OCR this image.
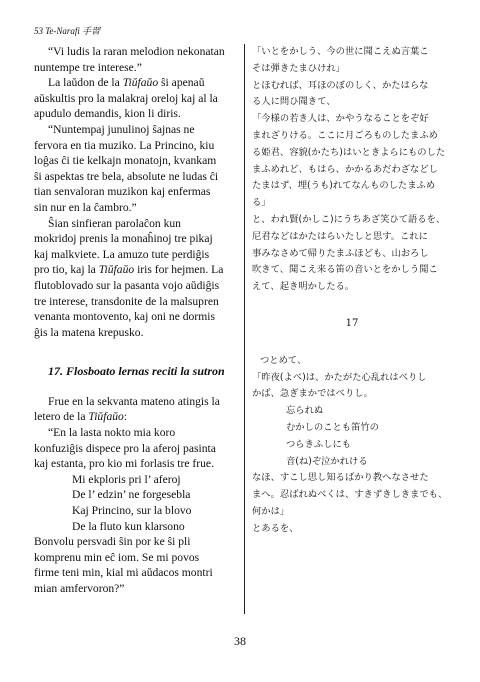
53 Te-Narafi 手習
“Vi ludis la raran melodion nekonatan
nuntempe tre interese.”
La laŭdon de la Tiŭfaŭo ŝi apenaŭ
aŭskultis pro la malakraj oreloj kaj al la
apudulo demandis, kion li diris.
“Nuntempaj junulinoj ŝajnas ne
fervora en tia muziko. La Princino, kiu
loĝas ĉi tie kelkajn monatojn, kvankam
ŝi aspektas tre bela, absolute ne ludas ĉi
tian senvaloran muzikon kaj enfermas
sin nur en la ĉambro.”
Ŝian sinfieran parolaĉon kun
mokridoj prenis la monaĥinoj tre pikaj
kaj malkviete. La amuzo tute perdiĝis
pro tio, kaj la Tiŭfaŭo iris for hejmen. La
flutoblovado sur la pasanta vojo aŭdiĝis
tre interese, transdonite de la malsupren
venanta montovento, kaj oni ne dormis
ĝis la matena krepusko.
17. Flosboato lernas reciti la sutron
Frue en la sekvanta mateno atingis la
letero de la Tiŭfaŭo:
“En la lasta nokto mia koro
konfuziĝis dispece pro la aferoj pasinta
kaj estanta, pro kio mi forlasis tre frue.
Mi ekploris pri l’ aferoj
De l’ edzin’ ne forgesebla
Kaj Princino, sur la blovo
De la fluto kun klarsono
Bonvolu persvadi ŝin por ke ŝi pli
komprenu min eĉ iom. Se mi povos
firme teni min, kial mi aŭdacos montri
mian amfervoron?”
「いとをかしう、今の世に聞こえぬ言葉こ
そは弾きたまひけれ」
とほむれば、耳ほのぼのしく、かたはらな
る人に問ひ聞きて、
「今様の若き人は、かやうなることをぞ好
まれざりける。ここに月ごろものしたまふめ
る姫君、容貌(かたち)はいときよらにものした
まふめれど、もはら、かかるあだわざなどし
たまはず、埋(うも)れてなんものしたまふめ
る」
と、われ賢(かしこ)にうちあざ笑ひて語るを、
尼君などはかたはらいたしと思す。これに
事みなさめて帰りたまふほども、山おろし
吹きて、聞こえ来る笛の音いとをかしう聞こ
えて、起き明かしたる。
17
つとめて、
「昨夜(よべ)は、かたがた心乱れはべりし
かば、急ぎまかではべりし。
忘られぬ
むかしのことも笛竹の
つらきふしにも
音(ね)ぞ泣かれける
なほ、すこし思し知るばかり教へなさせた
まへ。忍ばれぬべくは、すきずきしきまでも、
何かは」
とあるを、
38
